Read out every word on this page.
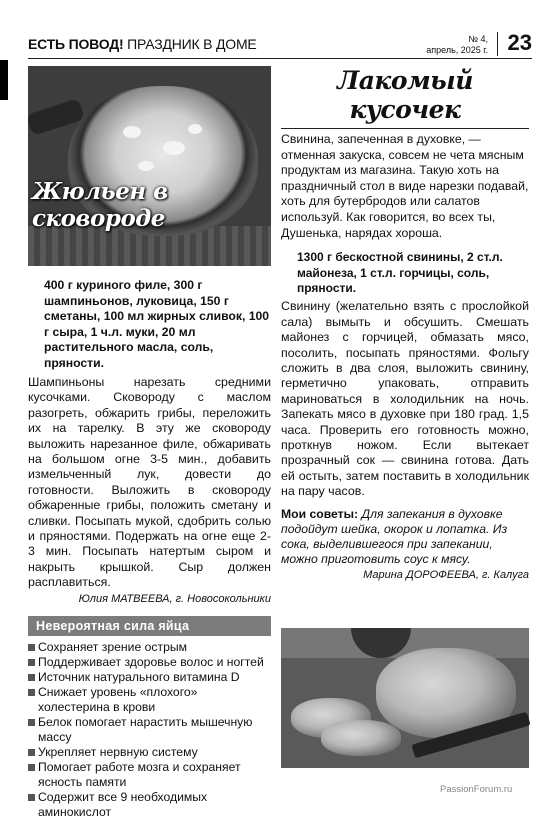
ЕСТЬ ПОВОД! ПРАЗДНИК В ДОМЕ	№ 4,
апрель, 2025 г. 23
Жюльен в сковороде
400 г куриного филе, 300 г шампиньонов, луковица, 150 г сметаны, 100 мл жирных сливок, 100 г сыра, 1 ч.л. муки, 20 мл растительного масла, соль, пряности.
Шампиньоны нарезать средними кусочками. Сковороду с маслом разогреть, обжарить грибы, переложить их на тарелку. В эту же сковороду выложить нарезанное филе, обжаривать на большом огне 3-5 мин., добавить измельченный лук, довести до готовности. Выложить в сковороду обжаренные грибы, положить сметану и сливки. Посыпать мукой, сдобрить солью и пряностями. Подержать на огне еще 2-3 мин. Посыпать натертым сыром и накрыть крышкой. Сыр должен расплавиться.
Юлия МАТВЕЕВА, г. Новосокольники
Невероятная сила яйца
Сохраняет зрение острым
Поддерживает здоровье волос и ногтей
Источник натурального витамина D
Снижает уровень «плохого» холестерина в крови
Белок помогает нарастить мышечную массу
Укрепляет нервную систему
Помогает работе мозга и сохраняет ясность памяти
Содержит все 9 необходимых аминокислот
Лакомый кусочек
Свинина, запеченная в духовке, — отменная закуска, совсем не чета мясным продуктам из магазина. Такую хоть на праздничный стол в виде нарезки подавай, хоть для бутербродов или салатов используй. Как говорится, во всех ты, Душенька, нарядах хороша.
1300 г бескостной свинины, 2 ст.л. майонеза, 1 ст.л. горчицы, соль, пряности.
Свинину (желательно взять с прослойкой сала) вымыть и обсушить. Смешать майонез с горчицей, обмазать мясо, посолить, посыпать пряностями. Фольгу сложить в два слоя, выложить свинину, герметично упаковать, отправить мариноваться в холодильник на ночь. Запекать мясо в духовке при 180 град. 1,5 часа. Проверить его готовность можно, проткнув ножом. Если вытекает прозрачный сок — свинина готова. Дать ей остыть, затем поставить в холодильник на пару часов.
Мои советы: Для запекания в духовке подойдут шейка, окорок и лопатка. Из сока, выделившегося при запекании, можно приготовить соус к мясу.
Марина ДОРОФЕЕВА, г. Калуга
PassionForum.ru
